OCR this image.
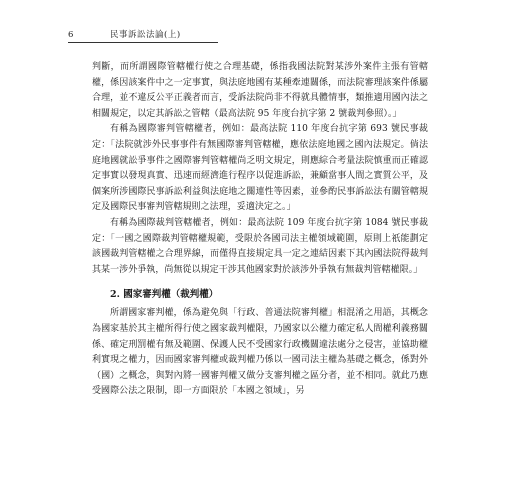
6	民事訴訟法論(上)

判斷，而所謂國際管轄權行使之合理基礎，係指我國法院對某涉外案件主張有管轄權，係因該案件中之一定事實，與法庭地國有某種牽連關係，而法院審理該案件係屬合理，並不違反公平正義者而言，受訴法院尚非不得就具體情事，類推適用國內法之相關規定，以定其訴訟之管轄（最高法院 95 年度台抗字第 2 號裁判參照）。」

有稱為國際審判管轄權者，例如：最高法院 110 年度台抗字第 693 號民事裁定：「法院就涉外民事事件有無國際審判管轄權，應依法庭地國之國內法規定。倘法庭地國就訟爭事件之國際審判管轄權尚乏明文規定，則應綜合考量法院慎重而正確認定事實以發現真實、迅速而經濟進行程序以促進訴訟，兼顧當事人間之實質公平，及個案所涉國際民事訴訟利益與法庭地之關連性等因素，並參酌民事訴訟法有關管轄規定及國際民事審判管轄規則之法理，妥適決定之。」

有稱為國際裁判管轄權者，例如：最高法院 109 年度台抗字第 1084 號民事裁定：「一國之國際裁判管轄權規範，受限於各國司法主權領域範圍，原則上祇能劃定該國裁判管轄權之合理界線，而僅得直接規定具一定之連結因素下其內國法院得裁判其某一涉外爭執，尚無從以規定干涉其他國家對於該涉外爭執有無裁判管轄權限。」

2. 國家審判權（裁判權）

所謂國家審判權，係為避免與「行政、普通法院審判權」相混淆之用語，其概念為國家基於其主權所得行使之國家裁判權限，乃國家以公權力確定私人間權利義務關係、確定刑罰權有無及範圍、保護人民不受國家行政機關違法處分之侵害，並協助權利實現之權力，因而國家審判權或裁判權乃係以一國司法主權為基礎之概念，係對外（國）之概念，與對內將一國審判權又做分支審判權之區分者，並不相同。就此乃應受國際公法之限制，即一方面限於「本國之領域」，另
